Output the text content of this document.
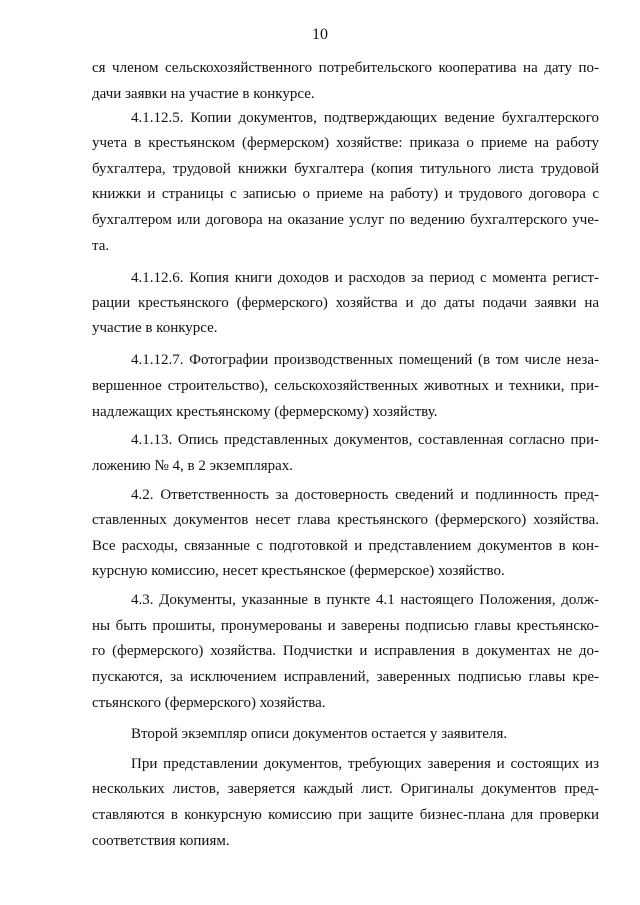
10
ся членом сельскохозяйственного потребительского кооператива на дату по-
дачи заявки на участие в конкурсе.
4.1.12.5. Копии документов, подтверждающих ведение бухгалтерского
учета в крестьянском (фермерском) хозяйстве: приказа о приеме на работу
бухгалтера, трудовой книжки бухгалтера (копия титульного листа трудовой
книжки и страницы с записью о приеме на работу) и трудового договора с
бухгалтером или договора на оказание услуг по ведению бухгалтерского уче-
та.
4.1.12.6. Копия книги доходов и расходов за период с момента регист-
рации крестьянского (фермерского) хозяйства и до даты подачи заявки на
участие в конкурсе.
4.1.12.7. Фотографии производственных помещений (в том числе неза-
вершенное строительство), сельскохозяйственных животных и техники, при-
надлежащих крестьянскому (фермерскому) хозяйству.
4.1.13. Опись представленных документов, составленная согласно при-
ложению № 4, в 2 экземплярах.
4.2. Ответственность за достоверность сведений и подлинность пред-
ставленных документов несет глава крестьянского (фермерского) хозяйства.
Все расходы, связанные с подготовкой и представлением документов в кон-
курсную комиссию, несет крестьянское (фермерское) хозяйство.
4.3. Документы, указанные в пункте 4.1 настоящего Положения, долж-
ны быть прошиты, пронумерованы и заверены подписью главы крестьянско-
го (фермерского) хозяйства. Подчистки и исправления в документах не до-
пускаются, за исключением исправлений, заверенных подписью главы кре-
стьянского (фермерского) хозяйства.
Второй экземпляр описи документов остается у заявителя.
При представлении документов, требующих заверения и состоящих из
нескольких листов, заверяется каждый лист. Оригиналы документов пред-
ставляются в конкурсную комиссию при защите бизнес-плана для проверки
соответствия копиям.
